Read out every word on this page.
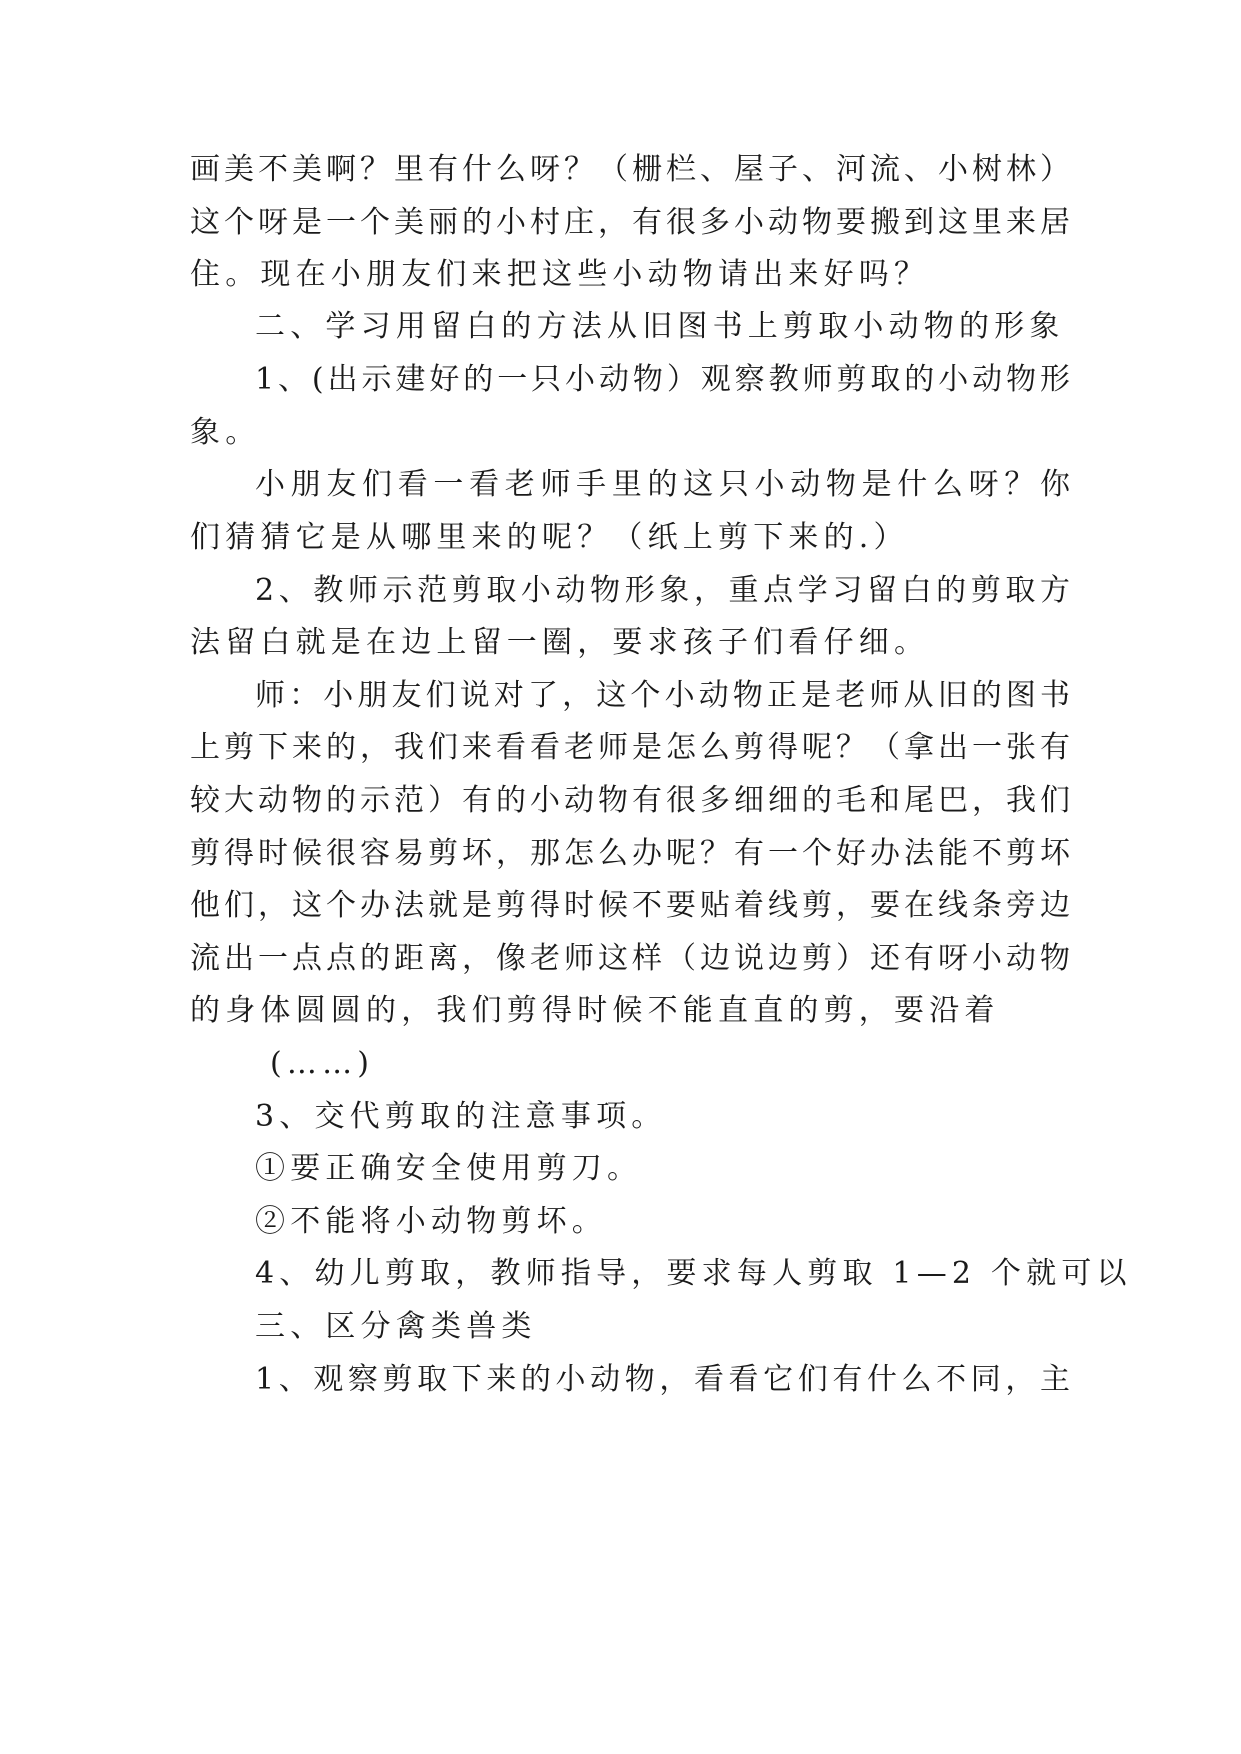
画美不美啊？里有什么呀？（栅栏、屋子、河流、小树林）
这个呀是一个美丽的小村庄，有很多小动物要搬到这里来居
住。现在小朋友们来把这些小动物请出来好吗？
二、学习用留白的方法从旧图书上剪取小动物的形象
1、(出示建好的一只小动物）观察教师剪取的小动物形
象。
小朋友们看一看老师手里的这只小动物是什么呀？你
们猜猜它是从哪里来的呢？（纸上剪下来的.）
2、教师示范剪取小动物形象，重点学习留白的剪取方
法留白就是在边上留一圈，要求孩子们看仔细。
师：小朋友们说对了，这个小动物正是老师从旧的图书
上剪下来的，我们来看看老师是怎么剪得呢？（拿出一张有
较大动物的示范）有的小动物有很多细细的毛和尾巴，我们
剪得时候很容易剪坏，那怎么办呢？有一个好办法能不剪坏
他们，这个办法就是剪得时候不要贴着线剪，要在线条旁边
流出一点点的距离，像老师这样（边说边剪）还有呀小动物
的身体圆圆的，我们剪得时候不能直直的剪，要沿着
(……)
3、交代剪取的注意事项。
①要正确安全使用剪刀。
②不能将小动物剪坏。
4、幼儿剪取，教师指导，要求每人剪取 1—2 个就可以
三、区分禽类兽类
1、观察剪取下来的小动物，看看它们有什么不同，主
